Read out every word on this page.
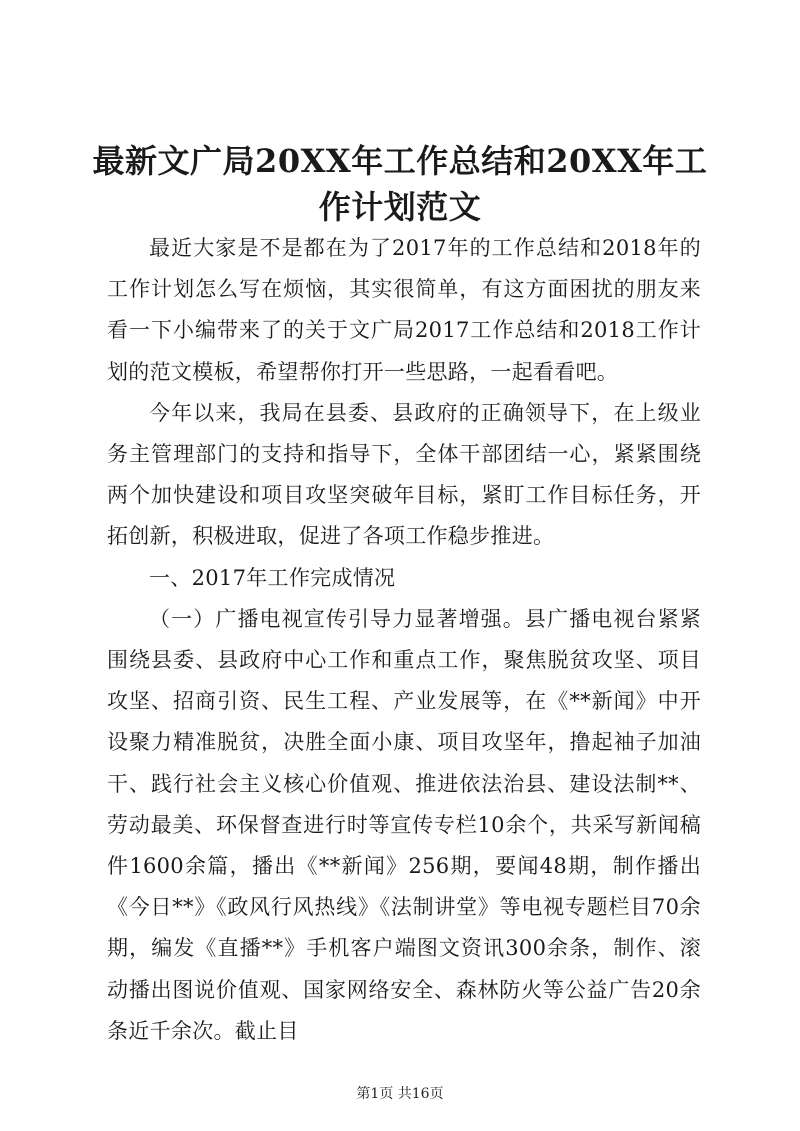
最新文广局20XX年工作总结和20XX年工作计划范文

最近大家是不是都在为了2017年的工作总结和2018年的工作计划怎么写在烦恼，其实很简单，有这方面困扰的朋友来看一下小编带来了的关于文广局2017工作总结和2018工作计划的范文模板，希望帮你打开一些思路，一起看看吧。

今年以来，我局在县委、县政府的正确领导下，在上级业务主管理部门的支持和指导下，全体干部团结一心，紧紧围绕两个加快建设和项目攻坚突破年目标，紧盯工作目标任务，开拓创新，积极进取，促进了各项工作稳步推进。

一、2017年工作完成情况

（一）广播电视宣传引导力显著增强。县广播电视台紧紧围绕县委、县政府中心工作和重点工作，聚焦脱贫攻坚、项目攻坚、招商引资、民生工程、产业发展等，在《**新闻》中开设聚力精准脱贫，决胜全面小康、项目攻坚年，撸起袖子加油干、践行社会主义核心价值观、推进依法治县、建设法制**、劳动最美、环保督查进行时等宣传专栏10余个，共采写新闻稿件1600余篇，播出《**新闻》256期，要闻48期，制作播出《今日**》《政风行风热线》《法制讲堂》等电视专题栏目70余期，编发《直播**》手机客户端图文资讯300余条，制作、滚动播出图说价值观、国家网络安全、森林防火等公益广告20余条近千余次。截止目

第1页 共16页
